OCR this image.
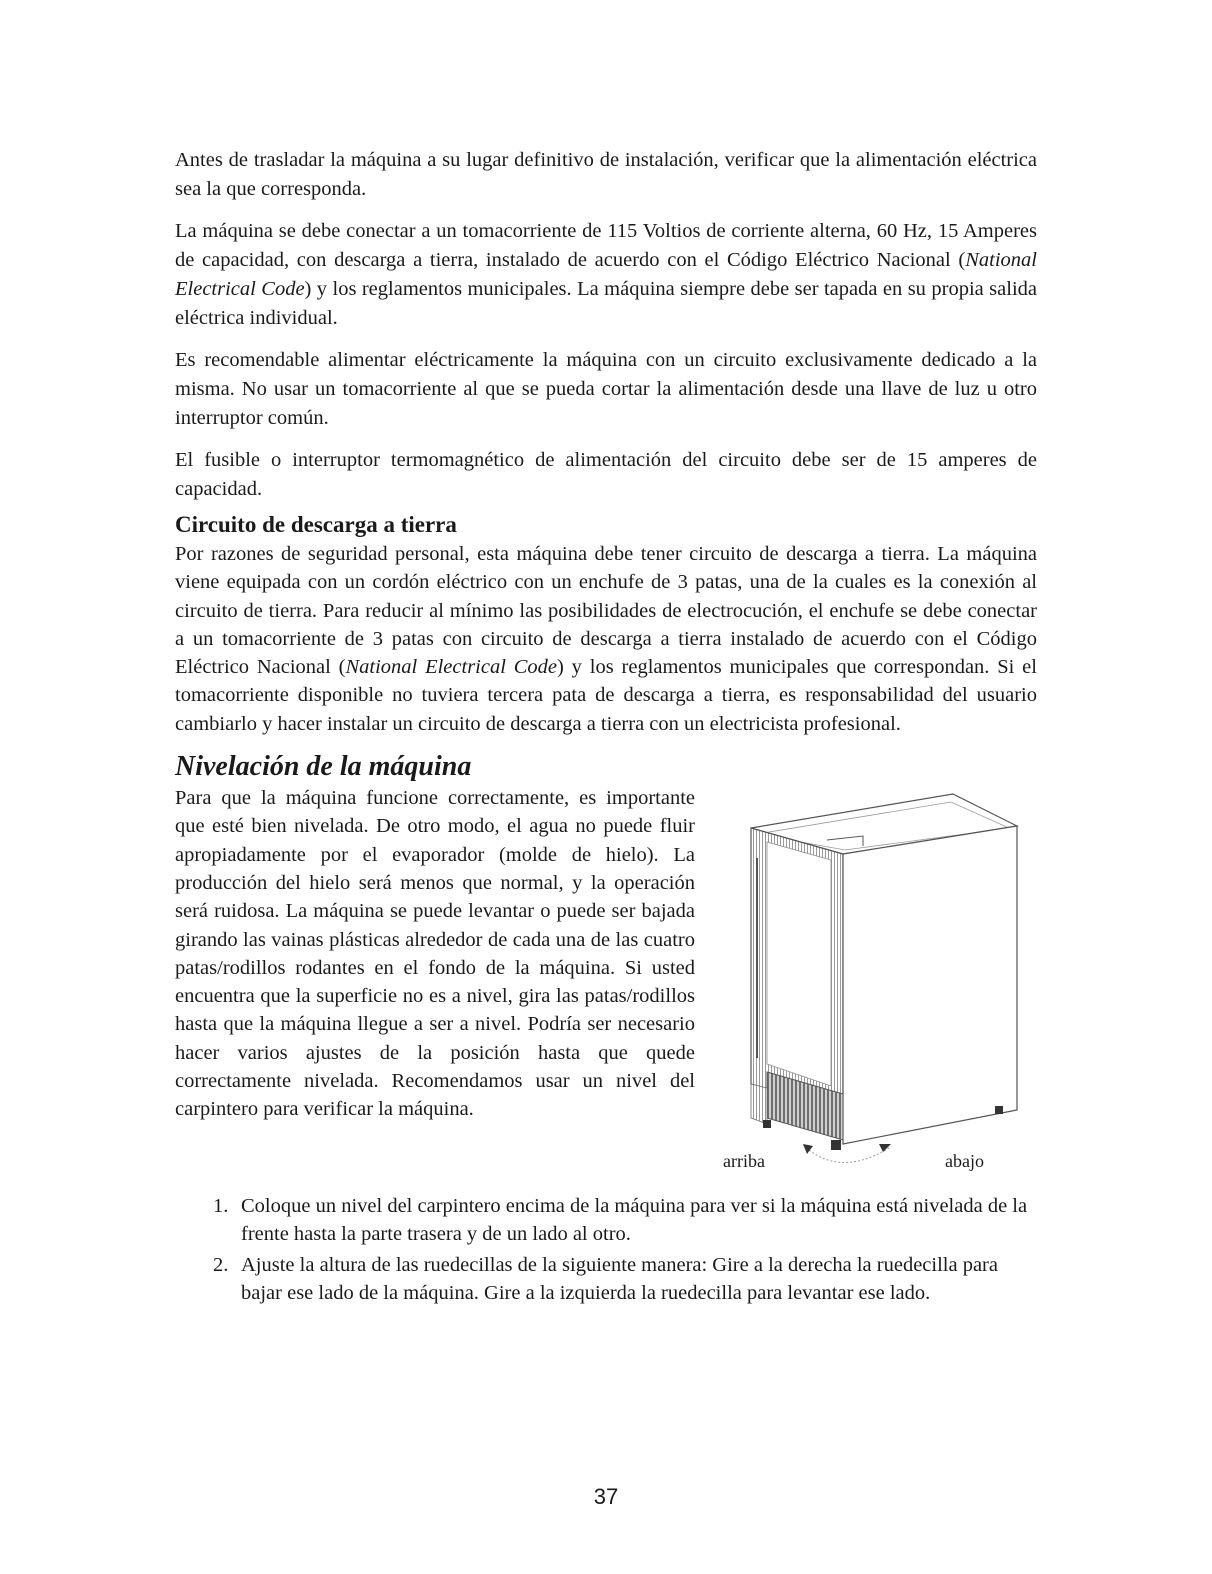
Antes de trasladar la máquina a su lugar definitivo de instalación, verificar que la alimentación eléctrica sea la que corresponda.

La máquina se debe conectar a un tomacorriente de 115 Voltios de corriente alterna, 60 Hz, 15 Amperes de capacidad, con descarga a tierra, instalado de acuerdo con el Código Eléctrico Nacional (National Electrical Code) y los reglamentos municipales. La máquina siempre debe ser tapada en su propia salida eléctrica individual.

Es recomendable alimentar eléctricamente la máquina con un circuito exclusivamente dedicado a la misma. No usar un tomacorriente al que se pueda cortar la alimentación desde una llave de luz u otro interruptor común.

El fusible o interruptor termomagnético de alimentación del circuito debe ser de 15 amperes de capacidad.

Circuito de descarga a tierra

Por razones de seguridad personal, esta máquina debe tener circuito de descarga a tierra. La máquina viene equipada con un cordón eléctrico con un enchufe de 3 patas, una de la cuales es la conexión al circuito de tierra. Para reducir al mínimo las posibilidades de electrocución, el enchufe se debe conectar a un tomacorriente de 3 patas con circuito de descarga a tierra instalado de acuerdo con el Código Eléctrico Nacional (National Electrical Code) y los reglamentos municipales que correspondan. Si el tomacorriente disponible no tuviera tercera pata de descarga a tierra, es responsabilidad del usuario cambiarlo y hacer instalar un circuito de descarga a tierra con un electricista profesional.

Nivelación de la máquina

Para que la máquina funcione correctamente, es importante que esté bien nivelada. De otro modo, el agua no puede fluir apropiadamente por el evaporador (molde de hielo). La producción del hielo será menos que normal, y la operación será ruidosa. La máquina se puede levantar o puede ser bajada girando las vainas plásticas alrededor de cada una de las cuatro patas/rodillos rodantes en el fondo de la máquina. Si usted encuentra que la superficie no es a nivel, gira las patas/rodillos hasta que la máquina llegue a ser a nivel. Podría ser necesario hacer varios ajustes de la posición hasta que quede correctamente nivelada. Recomendamos usar un nivel del carpintero para verificar la máquina.

arriba	abajo
1. Coloque un nivel del carpintero encima de la máquina para ver si la máquina está nivelada de la frente hasta la parte trasera y de un lado al otro.
2. Ajuste la altura de las ruedecillas de la siguiente manera: Gire a la derecha la ruedecilla para bajar ese lado de la máquina. Gire a la izquierda la ruedecilla para levantar ese lado.
37
